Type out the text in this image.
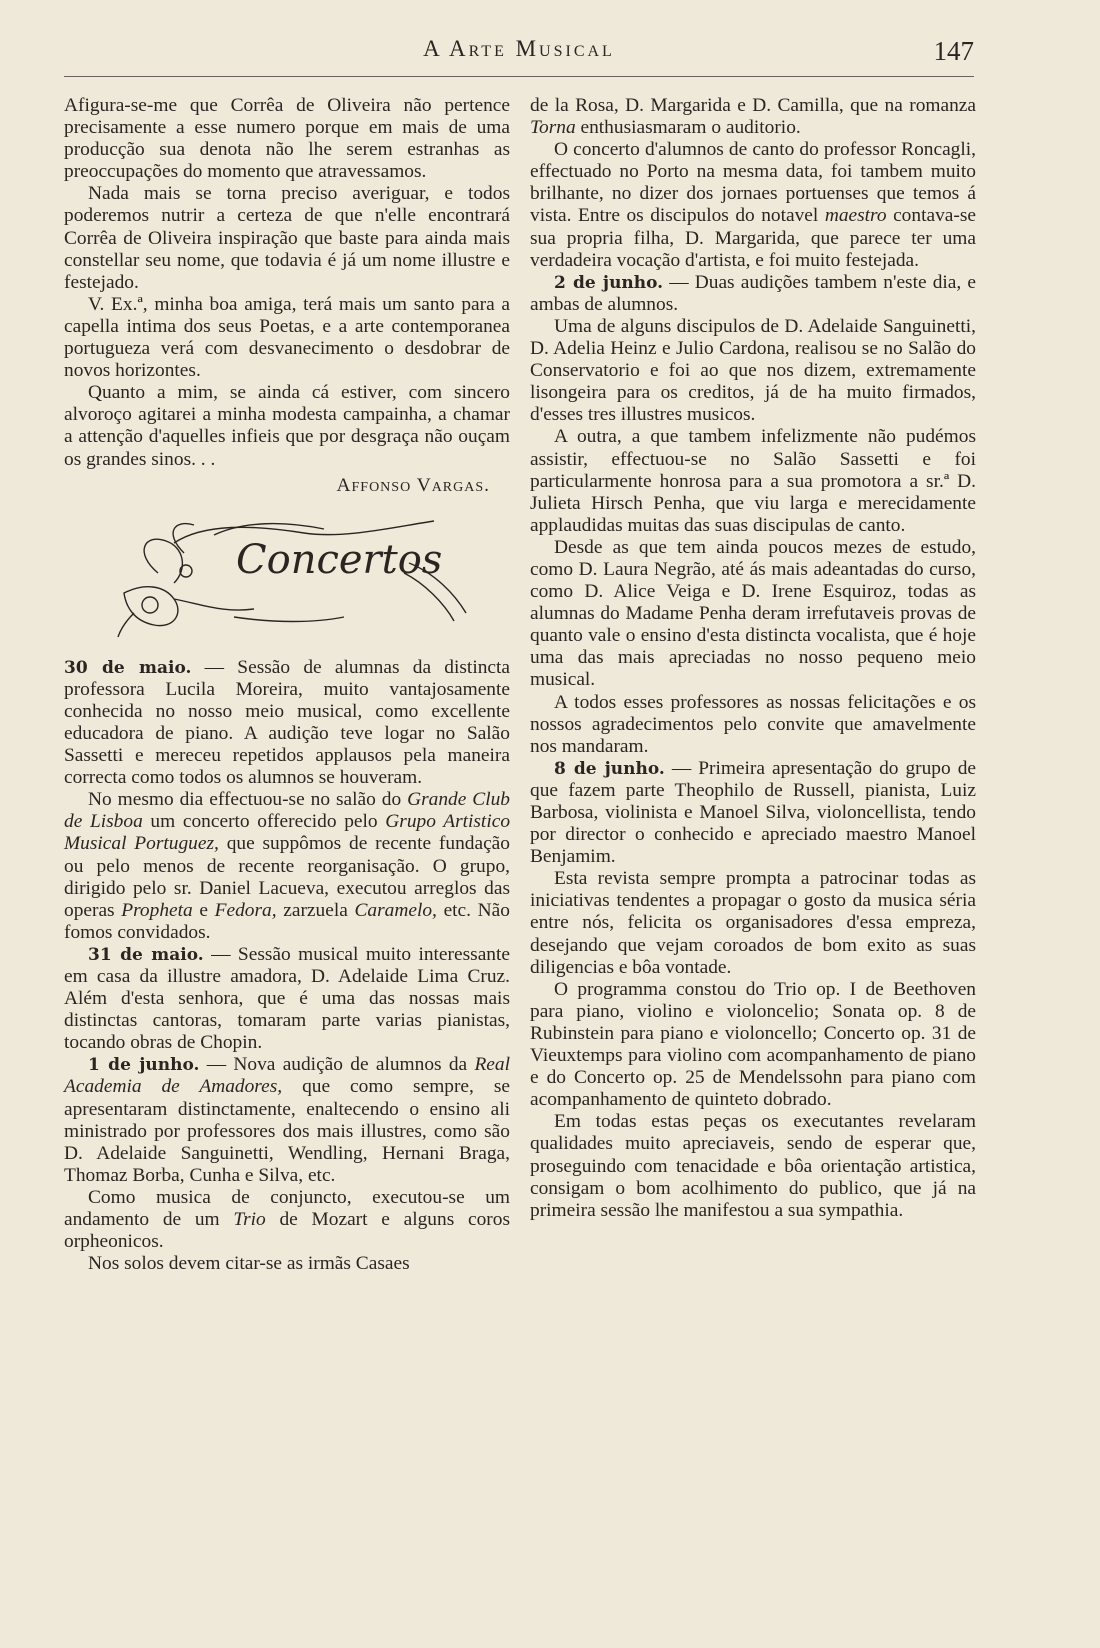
A Arte Musical	147

Afigura-se-me que Corrêa de Oliveira não pertence precisamente a esse numero porque em mais de uma producção sua denota não lhe serem estranhas as preoccupações do momento que atravessamos.

Nada mais se torna preciso averiguar, e todos poderemos nutrir a certeza de que n'elle encontrará Corrêa de Oliveira inspiração que baste para ainda mais constellar seu nome, que todavia é já um nome illustre e festejado.

V. Ex.ª, minha boa amiga, terá mais um santo para a capella intima dos seus Poetas, e a arte contemporanea portugueza verá com desvanecimento o desdobrar de novos horizontes.

Quanto a mim, se ainda cá estiver, com sincero alvoroço agitarei a minha modesta campainha, a chamar a attenção d'aquelles infieis que por desgraça não ouçam os grandes sinos. . .

Affonso Vargas.

Concertos

30 de maio. — Sessão de alumnas da distincta professora Lucila Moreira, muito vantajosamente conhecida no nosso meio musical, como excellente educadora de piano. A audição teve logar no Salão Sassetti e mereceu repetidos applausos pela maneira correcta como todos os alumnos se houveram.

No mesmo dia effectuou-se no salão do Grande Club de Lisboa um concerto offerecido pelo Grupo Artistico Musical Portuguez, que suppômos de recente fundação ou pelo menos de recente reorganisação. O grupo, dirigido pelo sr. Daniel Lacueva, executou arreglos das operas Propheta e Fedora, zarzuela Caramelo, etc. Não fomos convidados.

31 de maio. — Sessão musical muito interessante em casa da illustre amadora, D. Adelaide Lima Cruz. Além d'esta senhora, que é uma das nossas mais distinctas cantoras, tomaram parte varias pianistas, tocando obras de Chopin.

1 de junho. — Nova audição de alumnos da Real Academia de Amadores, que como sempre, se apresentaram distinctamente, enaltecendo o ensino ali ministrado por professores dos mais illustres, como são D. Adelaide Sanguinetti, Wendling, Hernani Braga, Thomaz Borba, Cunha e Silva, etc.

Como musica de conjuncto, executou-se um andamento de um Trio de Mozart e alguns coros orpheonicos.

Nos solos devem citar-se as irmãs Casaes

de la Rosa, D. Margarida e D. Camilla, que na romanza Torna enthusiasmaram o auditorio.

O concerto d'alumnos de canto do professor Roncagli, effectuado no Porto na mesma data, foi tambem muito brilhante, no dizer dos jornaes portuenses que temos á vista. Entre os discipulos do notavel maestro contava-se sua propria filha, D. Margarida, que parece ter uma verdadeira vocação d'artista, e foi muito festejada.

2 de junho. — Duas audições tambem n'este dia, e ambas de alumnos.

Uma de alguns discipulos de D. Adelaide Sanguinetti, D. Adelia Heinz e Julio Cardona, realisou se no Salão do Conservatorio e foi ao que nos dizem, extremamente lisongeira para os creditos, já de ha muito firmados, d'esses tres illustres musicos.

A outra, a que tambem infelizmente não pudémos assistir, effectuou-se no Salão Sassetti e foi particularmente honrosa para a sua promotora a sr.ª D. Julieta Hirsch Penha, que viu larga e merecidamente applaudidas muitas das suas discipulas de canto.

Desde as que tem ainda poucos mezes de estudo, como D. Laura Negrão, até ás mais adeantadas do curso, como D. Alice Veiga e D. Irene Esquiroz, todas as alumnas do Madame Penha deram irrefutaveis provas de quanto vale o ensino d'esta distincta vocalista, que é hoje uma das mais apreciadas no nosso pequeno meio musical.

A todos esses professores as nossas felicitações e os nossos agradecimentos pelo convite que amavelmente nos mandaram.

8 de junho. — Primeira apresentação do grupo de que fazem parte Theophilo de Russell, pianista, Luiz Barbosa, violinista e Manoel Silva, violoncellista, tendo por director o conhecido e apreciado maestro Manoel Benjamim.

Esta revista sempre prompta a patrocinar todas as iniciativas tendentes a propagar o gosto da musica séria entre nós, felicita os organisadores d'essa empreza, desejando que vejam coroados de bom exito as suas diligencias e bôa vontade.

O programma constou do Trio op. I de Beethoven para piano, violino e violoncelio; Sonata op. 8 de Rubinstein para piano e violoncello; Concerto op. 31 de Vieuxtemps para violino com acompanhamento de piano e do Concerto op. 25 de Mendelssohn para piano com acompanhamento de quinteto dobrado.

Em todas estas peças os executantes revelaram qualidades muito apreciaveis, sendo de esperar que, proseguindo com tenacidade e bôa orientação artistica, consigam o bom acolhimento do publico, que já na primeira sessão lhe manifestou a sua sympathia.
